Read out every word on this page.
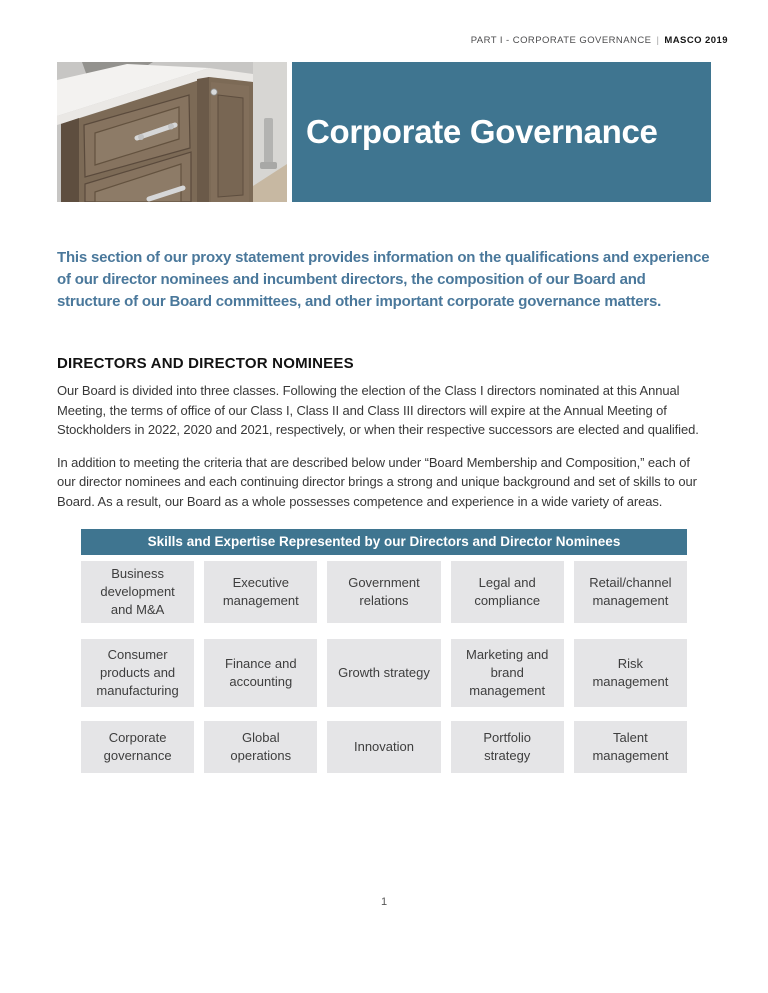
PART I - CORPORATE GOVERNANCE | MASCO 2019
Corporate Governance

This section of our proxy statement provides information on the qualifications and experience of our director nominees and incumbent directors, the composition of our Board and structure of our Board committees, and other important corporate governance matters.

DIRECTORS AND DIRECTOR NOMINEES

Our Board is divided into three classes. Following the election of the Class I directors nominated at this Annual Meeting, the terms of office of our Class I, Class II and Class III directors will expire at the Annual Meeting of Stockholders in 2022, 2020 and 2021, respectively, or when their respective successors are elected and qualified.

In addition to meeting the criteria that are described below under “Board Membership and Composition,” each of our director nominees and each continuing director brings a strong and unique background and set of skills to our Board. As a result, our Board as a whole possesses competence and experience in a wide variety of areas.

Skills and Expertise Represented by our Directors and Director Nominees
Business development and M&A
Executive management
Government relations
Legal and compliance
Retail/channel management
Consumer products and manufacturing
Finance and accounting
Growth strategy
Marketing and brand management
Risk management
Corporate governance
Global operations
Innovation
Portfolio strategy
Talent management
1
